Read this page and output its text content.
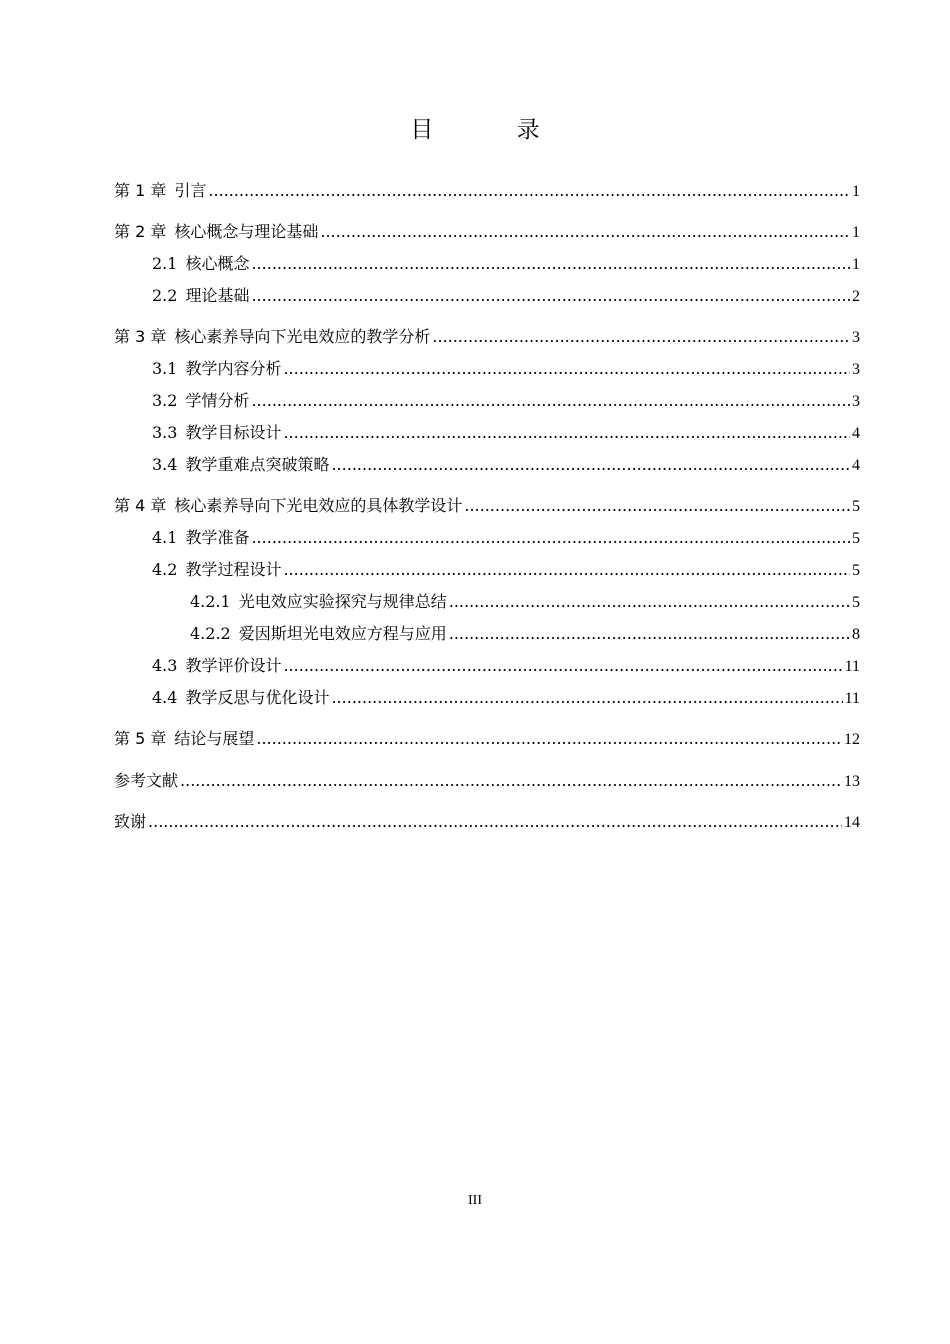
目 录
第 1 章 引言 .....	1
第 2 章 核心概念与理论基础 .....	1
2.1 核心概念 .....	1
2.2 理论基础 .....	2
第 3 章 核心素养导向下光电效应的教学分析 .....	3
3.1 教学内容分析 .....	3
3.2 学情分析 .....	3
3.3 教学目标设计 .....	4
3.4 教学重难点突破策略 .....	4
第 4 章 核心素养导向下光电效应的具体教学设计 .....	5
4.1 教学准备 .....	5
4.2 教学过程设计 .....	5
4.2.1 光电效应实验探究与规律总结 .....	5
4.2.2 爱因斯坦光电效应方程与应用 .....	8
4.3 教学评价设计 .....	11
4.4 教学反思与优化设计 .....	11
第 5 章 结论与展望 .....	12
参考文献 .....	13
致谢 .....	14
III
